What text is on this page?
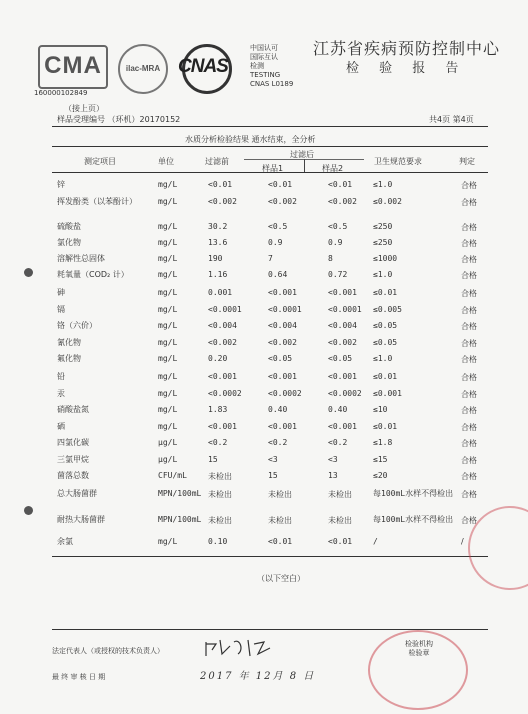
CMA
160000102849
ilac-MRA CNAS
中国认可
国际互认
检测
TESTING
CNAS L0189
江苏省疾病预防控制中心
检 验 报 告
（接上页）
样品受理编号 （环机）20170152	共4页 第4页
水质分析检验结果 通水结束，全分析
测定项目	单位	过滤前
过滤后
样品1	样品2
卫生规范要求	判定
锌	mg/L	<0.01	<0.01	<0.01	≤1.0	合格
挥发酚类（以苯酚计）	mg/L	<0.002	<0.002	<0.002 ≤0.002	合格
硫酸盐	mg/L	30.2	<0.5	<0.5	≤250	合格
氯化物	mg/L	13.6	0.9	0.9	≤250	合格
溶解性总固体	mg/L	190	7	8	≤1000	合格
耗氧量（COD₂ 计）	mg/L	1.16	0.64	0.72	≤1.0	合格
砷	mg/L	0.001	<0.001	<0.001 ≤0.01	合格
镉	mg/L	<0.0001	<0.0001	<0.0001 ≤0.005	合格
铬（六价）	mg/L	<0.004	<0.004	<0.004 ≤0.05	合格
氰化物	mg/L	<0.002	<0.002	<0.002 ≤0.05	合格
氟化物	mg/L	0.20	<0.05	<0.05	≤1.0	合格
铅	mg/L	<0.001	<0.001	<0.001 ≤0.01	合格
汞	mg/L	<0.0002	<0.0002	<0.0002 ≤0.001	合格
硝酸盐氮	mg/L	1.83	0.40	0.40	≤10	合格
硒	mg/L	<0.001	<0.001	<0.001 ≤0.01	合格
四氯化碳	μg/L	<0.2	<0.2	<0.2	≤1.8	合格
三氯甲烷	μg/L	15	<3	<3	≤15	合格
菌落总数	CFU/mL	未检出	15	13	≤20	合格
总大肠菌群	MPN/100mL 未检出	未检出	未检出	每100mL水样不得检出 合格
耐热大肠菌群	MPN/100mL 未检出	未检出	未检出	每100mL水样不得检出 合格
余氯	mg/L	0.10	<0.01	<0.01	/	/
（以下空白）
法定代表人（或授权的技术负责人）
最 终 审 核 日 期	2017 年 12月 8 日
检验机构
检验章
